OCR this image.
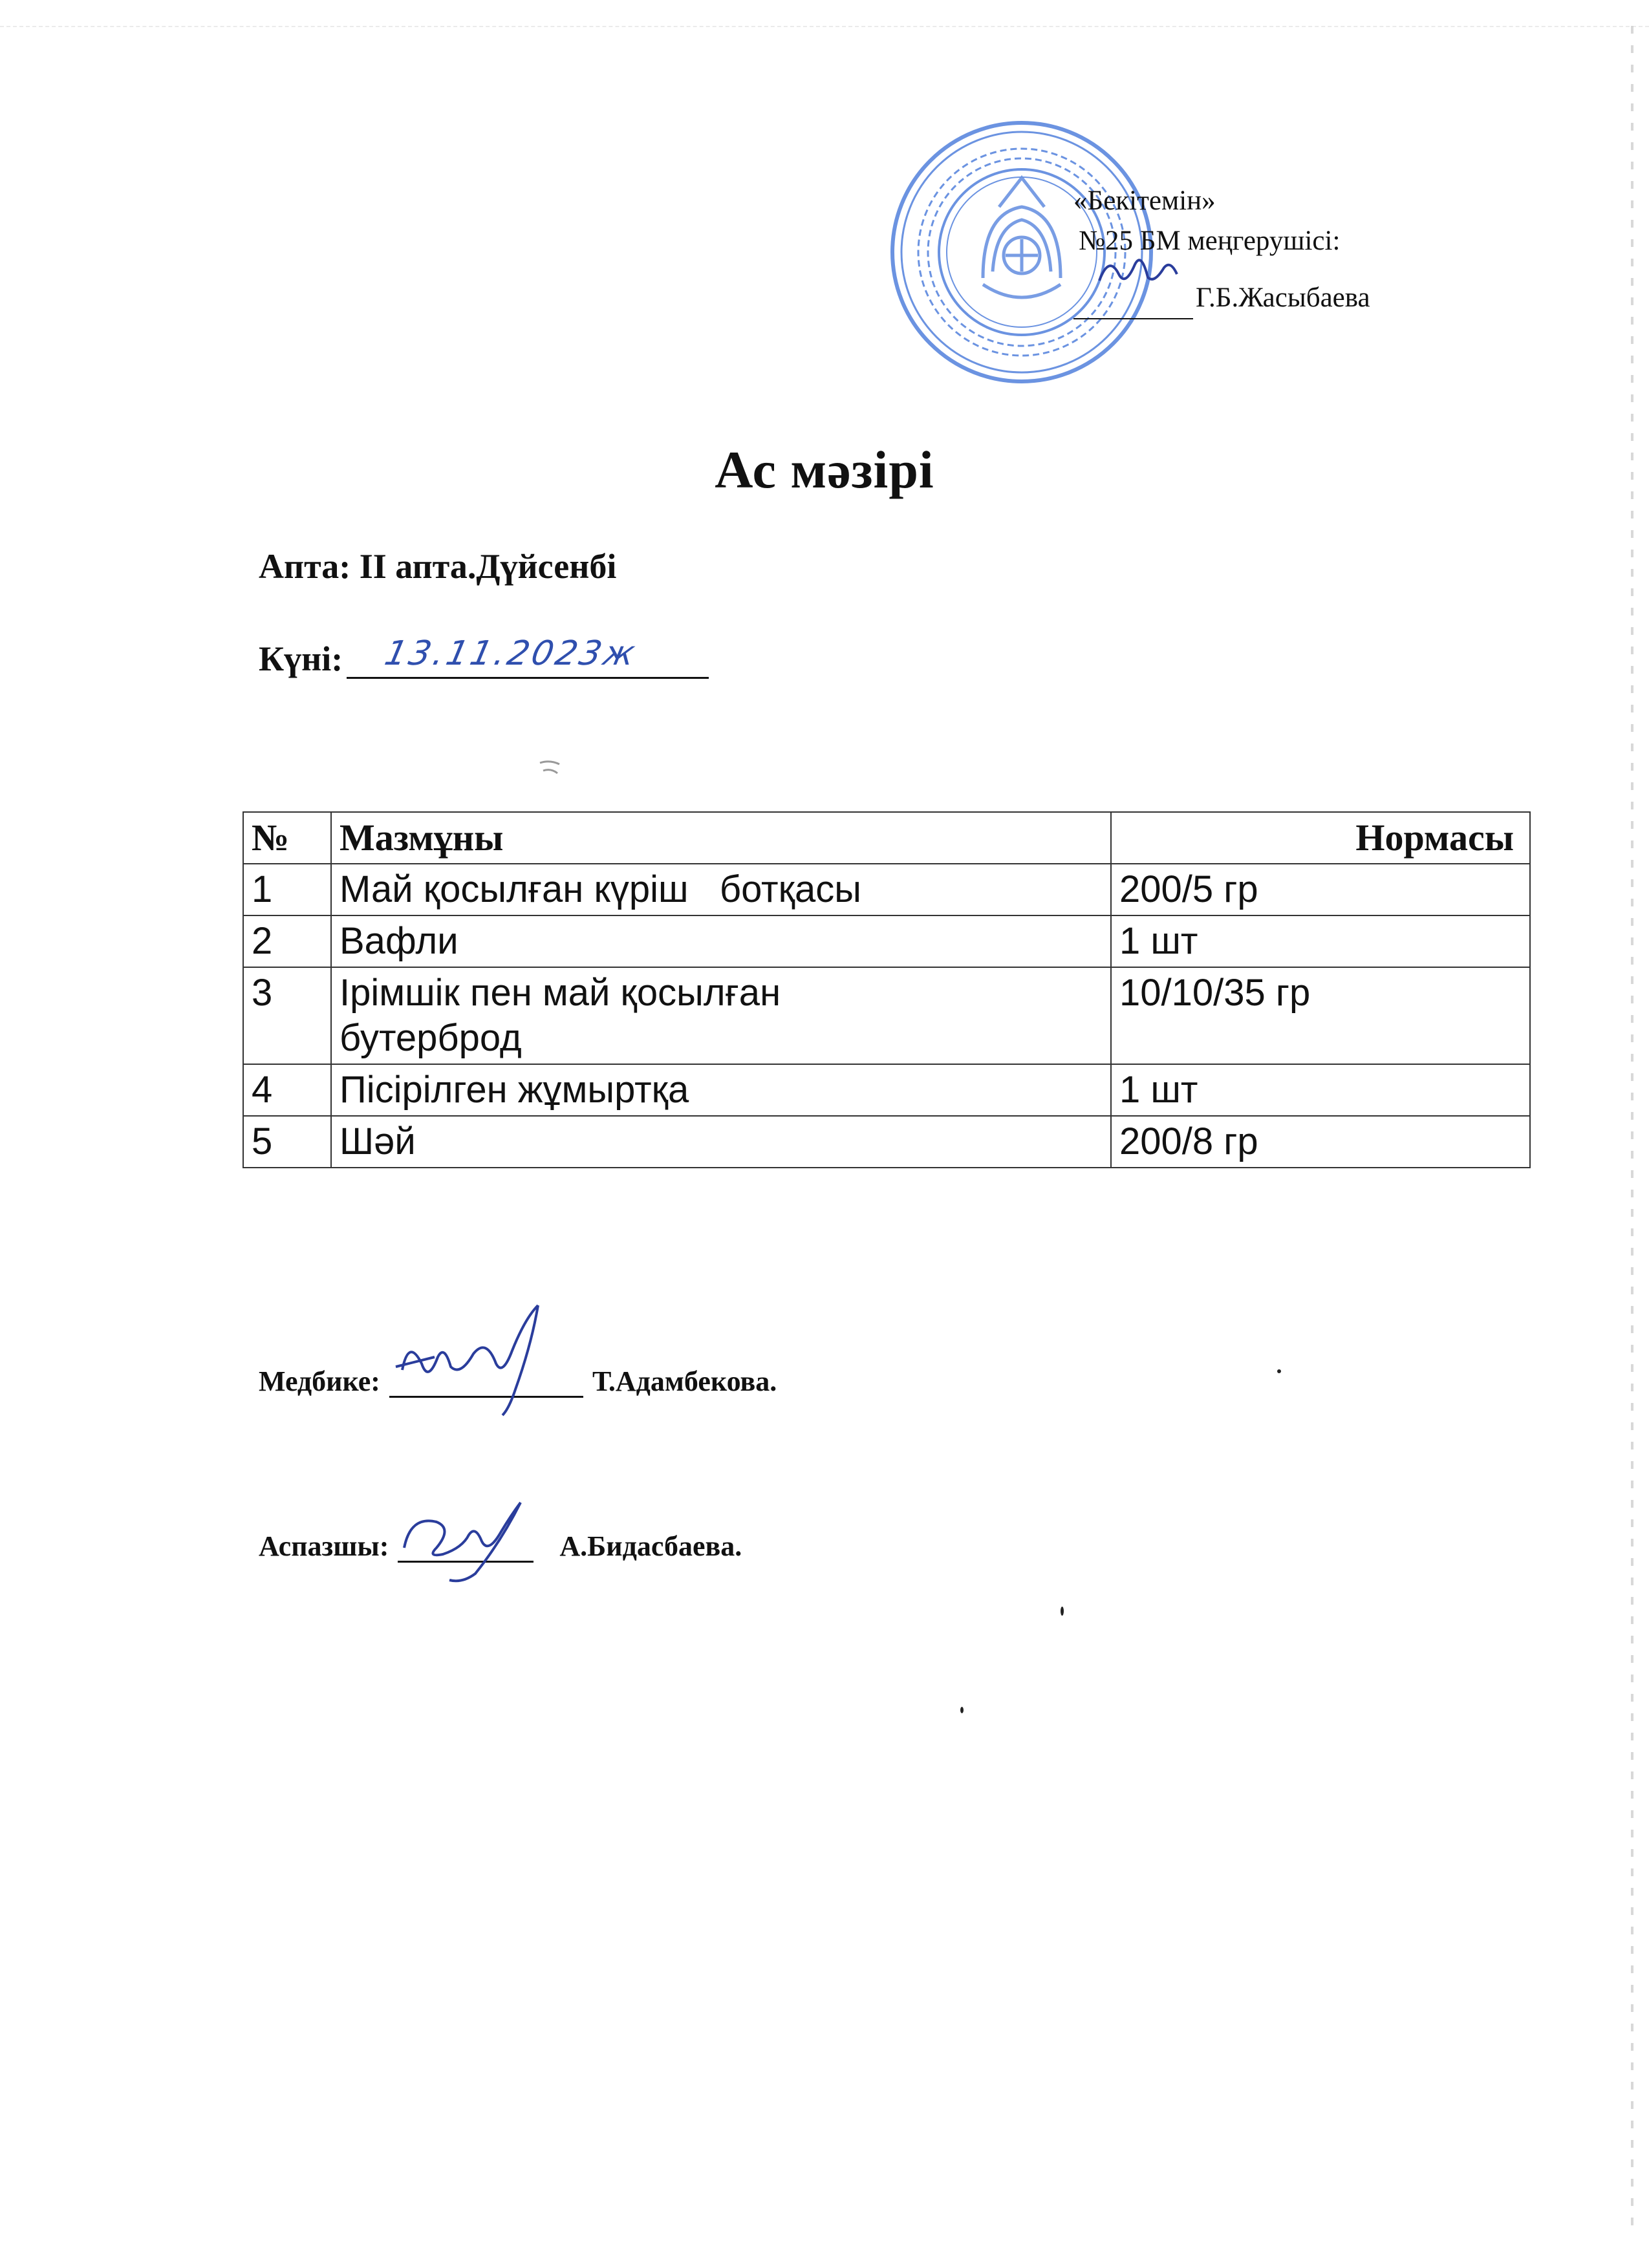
«Бекітемін»
№25 БМ меңгерушісі:
Г.Б.Жасыбаева
Ас мәзірі
Апта: II апта.Дүйсенбі
Күні: 13.11.2023ж
№	Мазмұны	Нормасы
1	Май қосылған күріш   ботқасы	200/5 гр
2	Вафли	1 шт
3	Ірімшік пен май қосылған бутерброд	10/10/35 гр
4	Пісірілген жұмыртқа	1 шт
5	Шәй	200/8 гр
Медбике:	Т.Адамбекова.
Аспазшы:	А.Бидасбаева.
